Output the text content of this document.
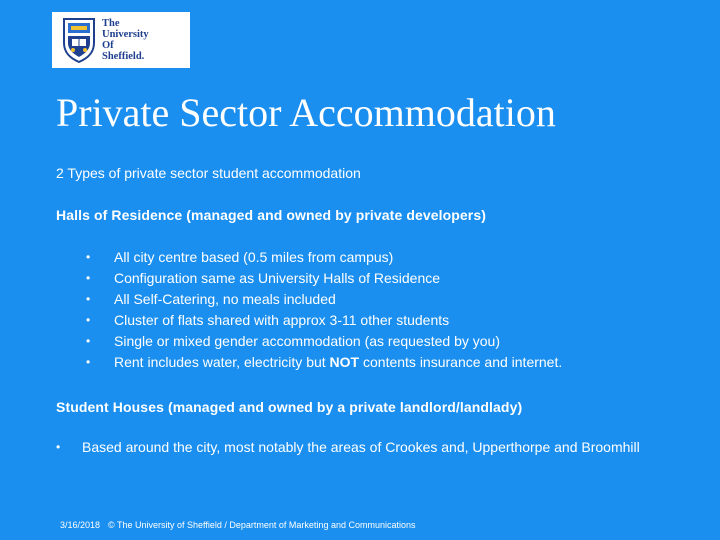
The
University
Of
Sheffield.
Private Sector Accommodation
2 Types of private sector student accommodation
Halls of Residence (managed and owned by private developers)
• All city centre based (0.5 miles from campus)
• Configuration same as University Halls of Residence
• All Self-Catering, no meals included
• Cluster of flats shared with approx 3-11 other students
• Single or mixed gender accommodation (as requested by you)
• Rent includes water, electricity but NOT contents insurance and internet.
Student Houses (managed and owned by a private landlord/landlady)
• Based around the city, most notably the areas of Crookes and, Upperthorpe and Broomhill
3/16/2018 © The University of Sheffield / Department of Marketing and Communications
